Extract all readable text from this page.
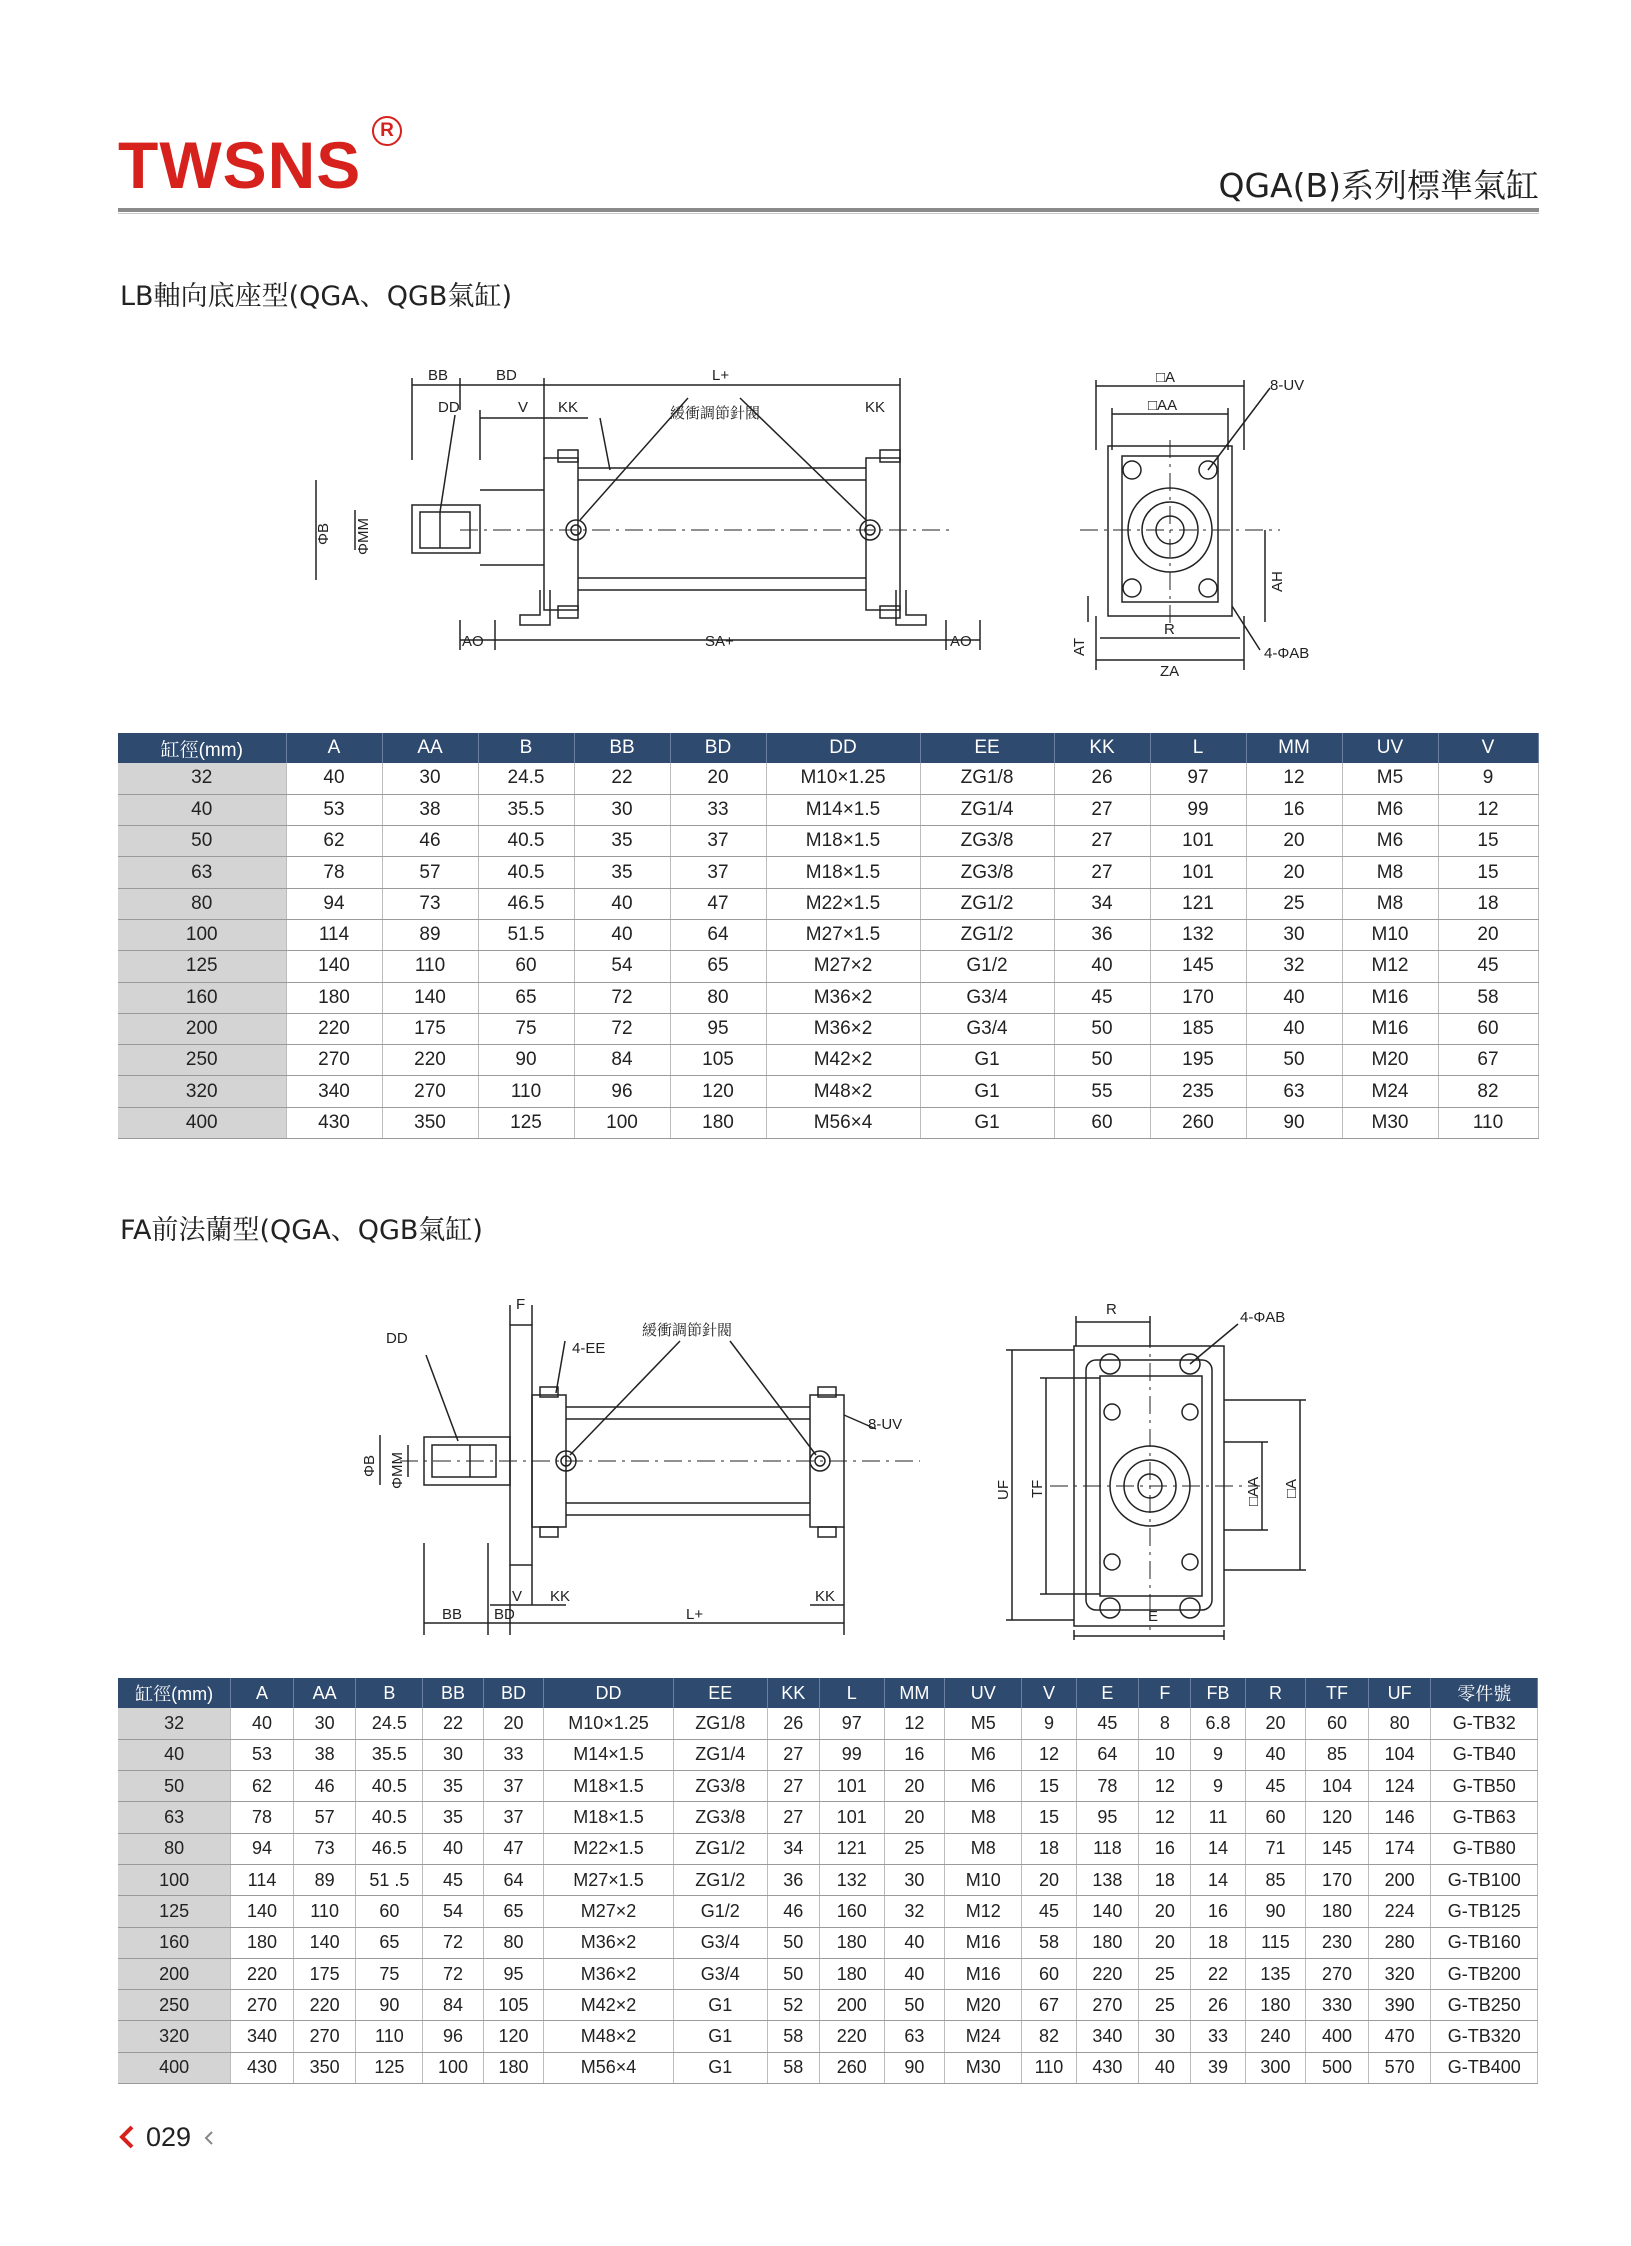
TWSNS R
QGA(B)系列標準氣缸
LB軸向底座型(QGA、QGB氣缸)
BB	BD	L+
DD	V KK	緩衝調節針閥	KK
ΦB ΦMM
AO	SA+	AO
□A
□AA
8-UV
AT
R
ZA
AH
4-ΦAB
缸徑(mm)	A	AA	B	BB	BD	DD	EE	KK	L	MM	UV	V
32	40	30	24.5	22	20	M10×1.25	ZG1/8	26	97	12	M5	9
40	53	38	35.5	30	33	M14×1.5	ZG1/4	27	99	16	M6	12
50	62	46	40.5	35	37	M18×1.5	ZG3/8	27	101	20	M6	15
63	78	57	40.5	35	37	M18×1.5	ZG3/8	27	101	20	M8	15
80	94	73	46.5	40	47	M22×1.5	ZG1/2	34	121	25	M8	18
100	114	89	51.5	40	64	M27×1.5	ZG1/2	36	132	30	M10	20
125	140	110	60	54	65	M27×2	G1/2	40	145	32	M12	45
160	180	140	65	72	80	M36×2	G3/4	45	170	40	M16	58
200	220	175	75	72	95	M36×2	G3/4	50	185	40	M16	60
250	270	220	90	84	105	M42×2	G1	50	195	50	M20	67
320	340	270	110	96	120	M48×2	G1	55	235	63	M24	82
400	430	350	125	100	180	M56×4	G1	60	260	90	M30	110
FA前法蘭型(QGA、QGB氣缸)
F
DD
4-EE
緩衝調節針閥
8-UV
ΦB ΦMM
V KK	KK
BB BD	L+
R	4-ΦAB
UF TF	□AA □A
E
缸徑(mm)	A	AA	B	BB	BD	DD	EE	KK	L	MM	UV	V	E	F	FB	R	TF	UF	零件號
32	40	30	24.5	22	20	M10×1.25	ZG1/8	26	97	12	M5	9	45	8	6.8	20	60	80	G-TB32
40	53	38	35.5	30	33	M14×1.5	ZG1/4	27	99	16	M6	12	64	10	9	40	85	104	G-TB40
50	62	46	40.5	35	37	M18×1.5	ZG3/8	27	101	20	M6	15	78	12	9	45	104	124	G-TB50
63	78	57	40.5	35	37	M18×1.5	ZG3/8	27	101	20	M8	15	95	12	11	60	120	146	G-TB63
80	94	73	46.5	40	47	M22×1.5	ZG1/2	34	121	25	M8	18	118	16	14	71	145	174	G-TB80
100	114	89	51 .5	45	64	M27×1.5	ZG1/2	36	132	30	M10	20	138	18	14	85	170	200	G-TB100
125	140	110	60	54	65	M27×2	G1/2	46	160	32	M12	45	140	20	16	90	180	224	G-TB125
160	180	140	65	72	80	M36×2	G3/4	50	180	40	M16	58	180	20	18	115	230	280	G-TB160
200	220	175	75	72	95	M36×2	G3/4	50	180	40	M16	60	220	25	22	135	270	320	G-TB200
250	270	220	90	84	105	M42×2	G1	52	200	50	M20	67	270	25	26	180	330	390	G-TB250
320	340	270	110	96	120	M48×2	G1	58	220	63	M24	82	340	30	33	240	400	470	G-TB320
400	430	350	125	100	180	M56×4	G1	58	260	90	M30	110	430	40	39	300	500	570	G-TB400
029
